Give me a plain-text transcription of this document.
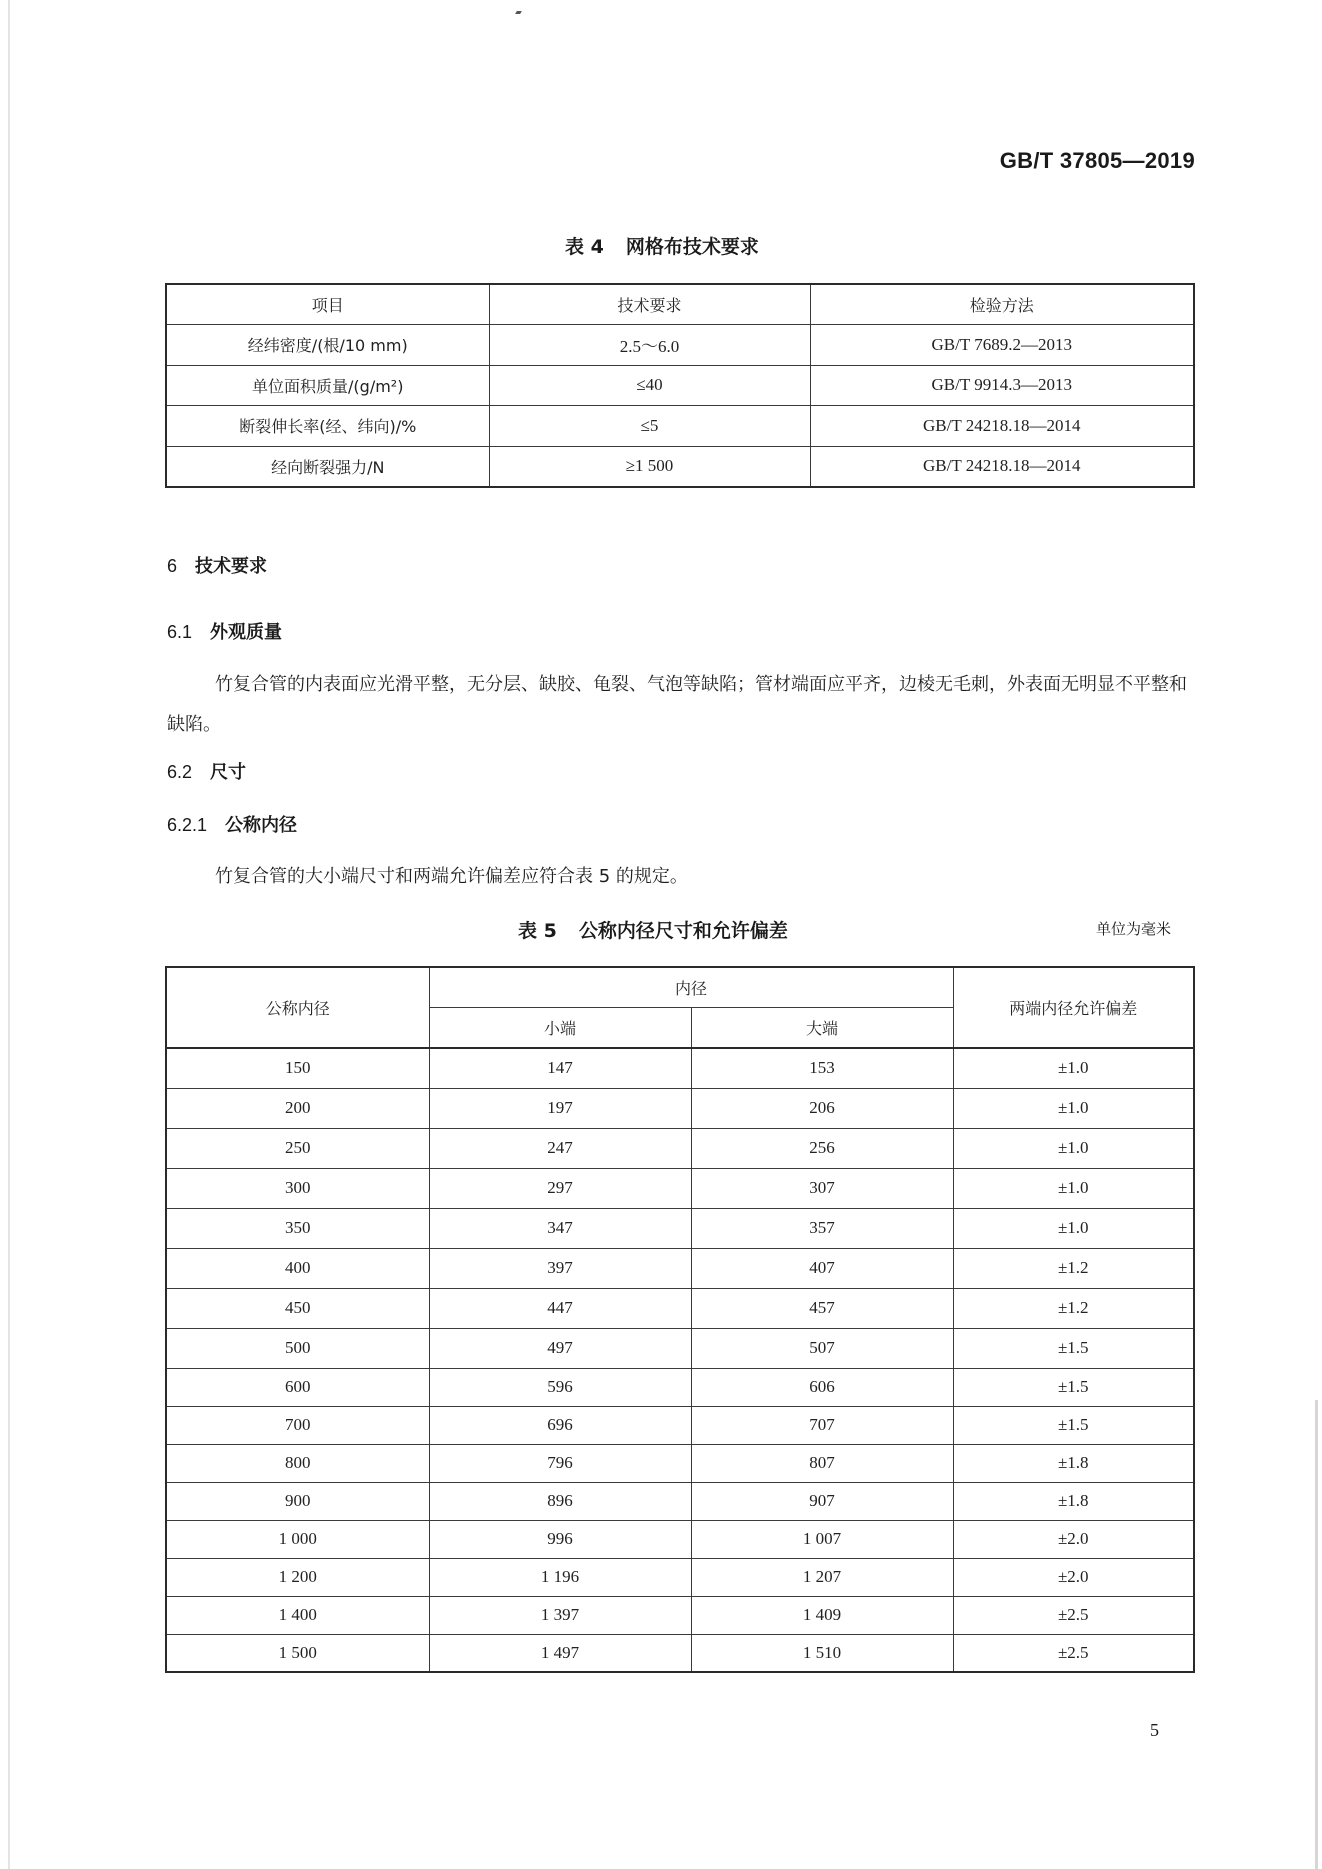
GB/T 37805—2019
表 4 网格布技术要求
项目	技术要求	检验方法
经纬密度/(根/10 mm)	2.5～6.0	GB/T 7689.2—2013
单位面积质量/(g/m²)	≤40	GB/T 9914.3—2013
断裂伸长率(经、纬向)/%	≤5	GB/T 24218.18—2014
经向断裂强力/N	≥1 500	GB/T 24218.18—2014
6 技术要求
6.1 外观质量
竹复合管的内表面应光滑平整，无分层、缺胶、龟裂、气泡等缺陷；管材端面应平齐，边棱无毛刺，外表面无明显不平整和缺陷。
6.2 尺寸
6.2.1 公称内径
竹复合管的大小端尺寸和两端允许偏差应符合表 5 的规定。
表 5 公称内径尺寸和允许偏差	单位为毫米
公称内径	内径		两端内径允许偏差
	小端	大端	
150	147	153	±1.0
200	197	206	±1.0
250	247	256	±1.0
300	297	307	±1.0
350	347	357	±1.0
400	397	407	±1.2
450	447	457	±1.2
500	497	507	±1.5
600	596	606	±1.5
700	696	707	±1.5
800	796	807	±1.8
900	896	907	±1.8
1 000	996	1 007	±2.0
1 200	1 196	1 207	±2.0
1 400	1 397	1 409	±2.5
1 500	1 497	1 510	±2.5
5
